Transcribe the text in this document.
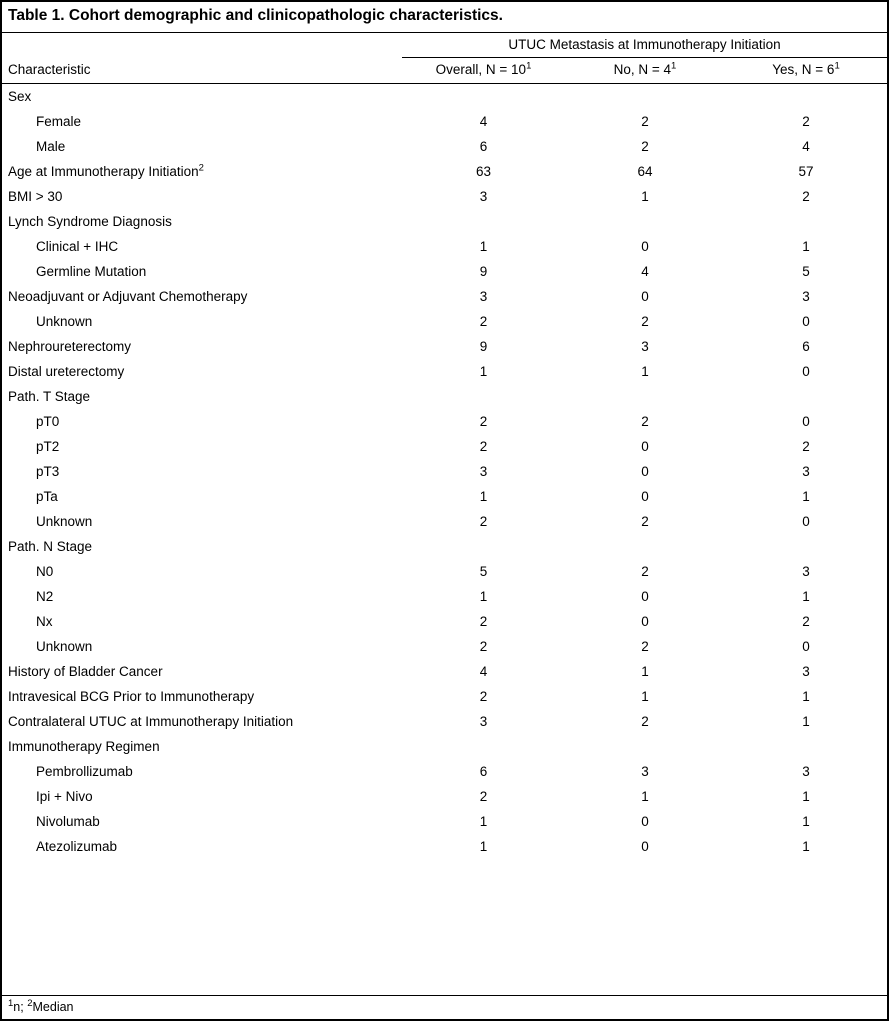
Table 1. Cohort demographic and clinicopathologic characteristics.
	UTUC Metastasis at Immunotherapy Initiation		
Characteristic	Overall, $N = 10^1$	No, $N = 4^1$	Yes, $N = 6^1$
Sex			
Female	4	2	2
Male	6	2	4
Age at Immunotherapy Initiation$^2$	63	64	57
BMI > 30	3	1	2
Lynch Syndrome Diagnosis			
Clinical + IHC	1	0	1
Germline Mutation	9	4	5
Neoadjuvant or Adjuvant Chemotherapy	3	0	3
Unknown	2	2	0
Nephroureterectomy	9	3	6
Distal ureterectomy	1	1	0
Path. T Stage			
pT0	2	2	0
pT2	2	0	2
pT3	3	0	3
pTa	1	0	1
Unknown	2	2	0
Path. N Stage			
N0	5	2	3
N2	1	0	1
Nx	2	0	2
Unknown	2	2	0
History of Bladder Cancer	4	1	3
Intravesical BCG Prior to Immunotherapy	2	1	1
Contralateral UTUC at Immunotherapy Initiation	3	2	1
Immunotherapy Regimen			
Pembrollizumab	6	3	3
Ipi + Nivo	2	1	1
Nivolumab	1	0	1
Atezolizumab	1	0	1
$^1$n; $^2$Median
